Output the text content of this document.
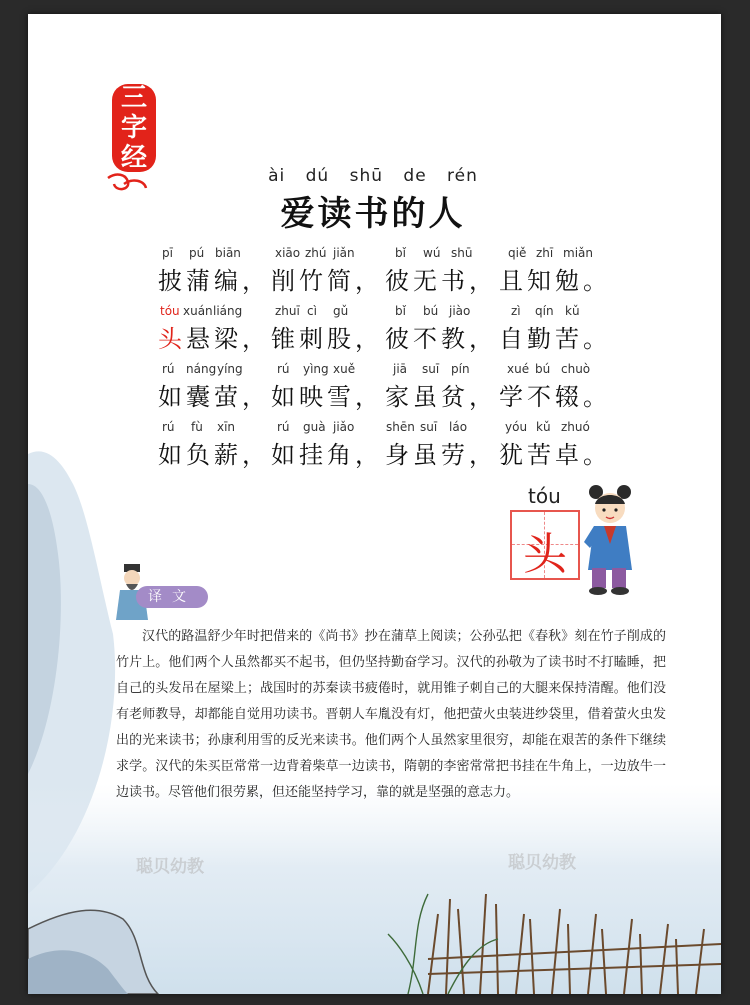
三
字
经
ài dú shū de rén
爱读书的人
pī pú biān	xiāo zhú jiǎn	bǐ wú shū	qiě zhī miǎn
披 蒲 编 ， 削 竹 简 ， 彼 无 书 ， 且 知 勉 。
tóu xuán liáng	zhuī cì gǔ	bǐ bú jiào	zì qín kǔ
头 悬 梁 ， 锥 刺 股 ， 彼 不 教 ， 自 勤 苦 。
rú náng yíng	rú yìng xuě	jiā suī pín	xué bú chuò
如 囊 萤 ， 如 映 雪 ， 家 虽 贫 ， 学 不 辍 。
rú fù xīn	rú guà jiǎo	shēn suī láo	yóu kǔ zhuó
如 负 薪 ， 如 挂 角 ， 身 虽 劳 ， 犹 苦 卓 。
tóu
头
译文
汉代的路温舒少年时把借来的《尚书》抄在蒲草上阅读；公孙弘把《春秋》刻在竹子削成的竹片上。他们两个人虽然都买不起书，但仍坚持勤奋学习。汉代的孙敬为了读书时不打瞌睡，把自己的头发吊在屋梁上；战国时的苏秦读书疲倦时，就用锥子刺自己的大腿来保持清醒。他们没有老师教导，却都能自觉用功读书。晋朝人车胤没有灯，他把萤火虫装进纱袋里，借着萤火虫发出的光来读书；孙康利用雪的反光来读书。他们两个人虽然家里很穷，却能在艰苦的条件下继续求学。汉代的朱买臣常常一边背着柴草一边读书，隋朝的李密常常把书挂在牛角上，一边放牛一边读书。尽管他们很劳累，但还能坚持学习，靠的就是坚强的意志力。
聪贝幼教	聪贝幼教
